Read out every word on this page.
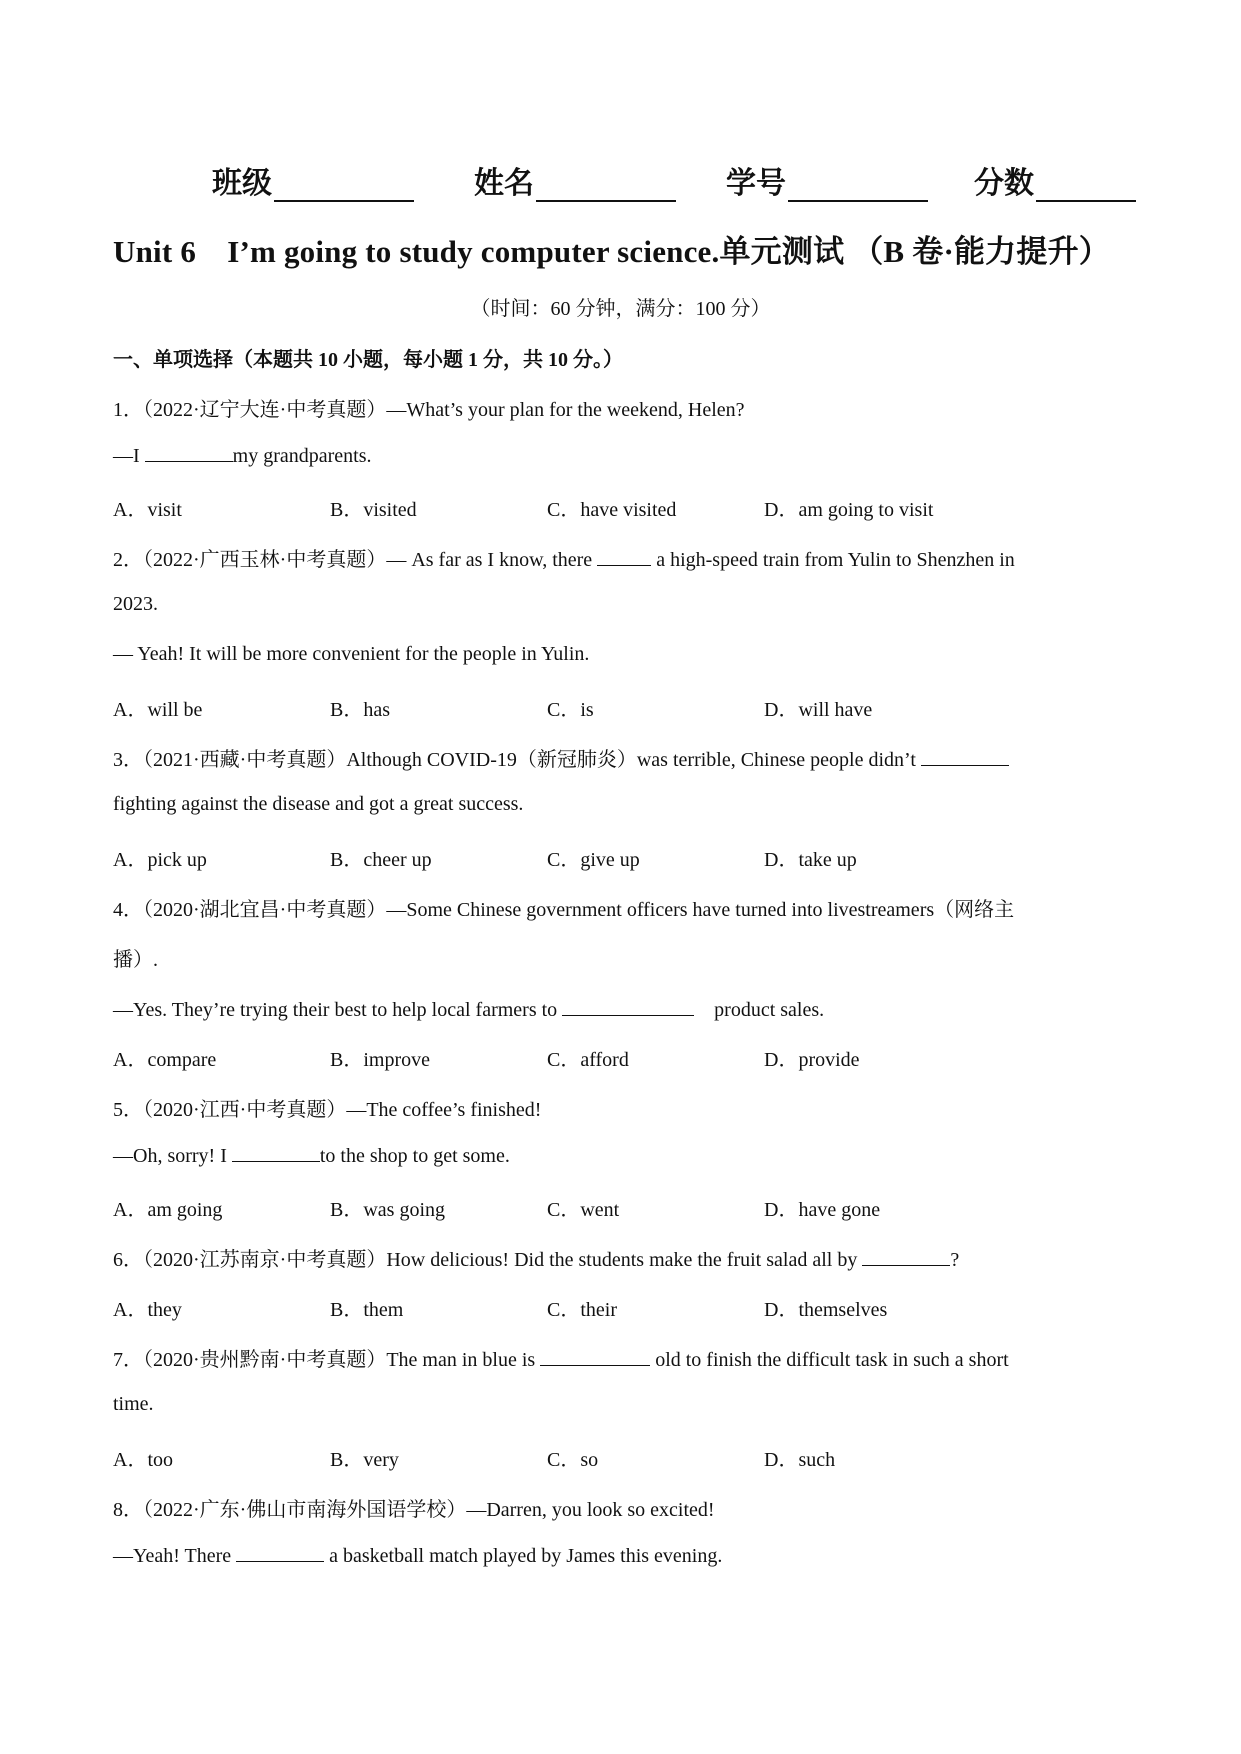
班级	姓名	学号	分数
Unit 6　I’m going to study computer science.单元测试 （B 卷·能力提升）
（时间：60 分钟，满分：100 分）
一、单项选择（本题共 10 小题，每小题 1 分，共 10 分。）
1．（2022·辽宁大连·中考真题）—What’s your plan for the weekend, Helen?
—I	my grandparents.
A．visit	B．visited	C．have visited	D．am going to visit
2．（2022·广西玉林·中考真题）— As far as I know, there	a high-speed train from Yulin to Shenzhen in
2023.
— Yeah! It will be more convenient for the people in Yulin.
A．will be	B．has	C．is	D．will have
3．（2021·西藏·中考真题）Although COVID-19（新冠肺炎）was terrible, Chinese people didn’t
fighting against the disease and got a great success.
A．pick up	B．cheer up	C．give up	D．take up
4．（2020·湖北宜昌·中考真题）—Some Chinese government officers have turned into livestreamers（网络主
播）.
—Yes. They’re trying their best to help local farmers to	　product sales.
A．compare	B．improve	C．afford	D．provide
5．（2020·江西·中考真题）—The coffee’s finished!
—Oh, sorry! I	to the shop to get some.
A．am going	B．was going	C．went	D．have gone
6．（2020·江苏南京·中考真题）How delicious! Did the students make the fruit salad all by	?
A．they	B．them	C．their	D．themselves
7．（2020·贵州黔南·中考真题）The man in blue is	old to finish the difficult task in such a short
time.
A．too	B．very	C．so	D．such
8．（2022·广东·佛山市南海外国语学校）—Darren, you look so excited!
—Yeah! There	a basketball match played by James this evening.
